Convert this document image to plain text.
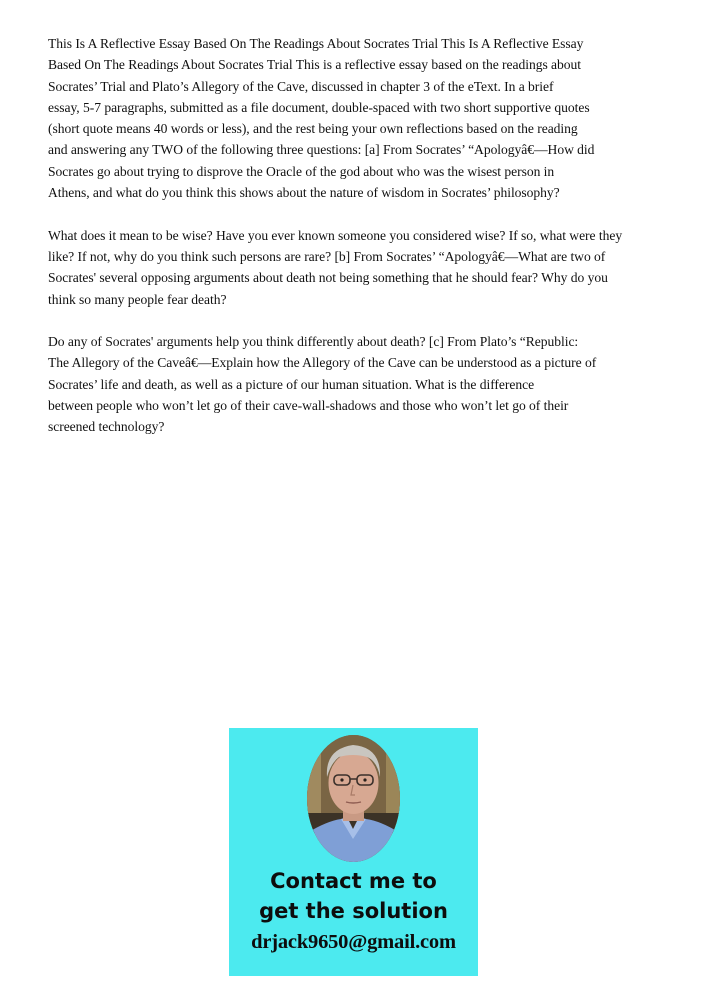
This Is A Reflective Essay Based On The Readings About Socrates Trial This Is A Reflective Essay
Based On The Readings About Socrates Trial This is a reflective essay based on the readings about
Socrates’ Trial and Plato’s Allegory of the Cave, discussed in chapter 3 of the eText. In a brief
essay, 5-7 paragraphs, submitted as a file document, double-spaced with two short supportive quotes
(short quote means 40 words or less), and the rest being your own reflections based on the reading
and answering any TWO of the following three questions: [a] From Socrates’ “Apologyâ€—How did
Socrates go about trying to disprove the Oracle of the god about who was the wisest person in
Athens, and what do you think this shows about the nature of wisdom in Socrates’ philosophy?

What does it mean to be wise? Have you ever known someone you considered wise? If so, what were they
like? If not, why do you think such persons are rare? [b] From Socrates’ “Apologyâ€—What are two of
Socrates' several opposing arguments about death not being something that he should fear? Why do you
think so many people fear death?

Do any of Socrates' arguments help you think differently about death? [c] From Plato’s “Republic:
The Allegory of the Caveâ€—Explain how the Allegory of the Cave can be understood as a picture of
Socrates’ life and death, as well as a picture of our human situation. What is the difference
between people who won’t let go of their cave-wall-shadows and those who won’t let go of their
screened technology?

Contact me to
get the solution
drjack9650@gmail.com
